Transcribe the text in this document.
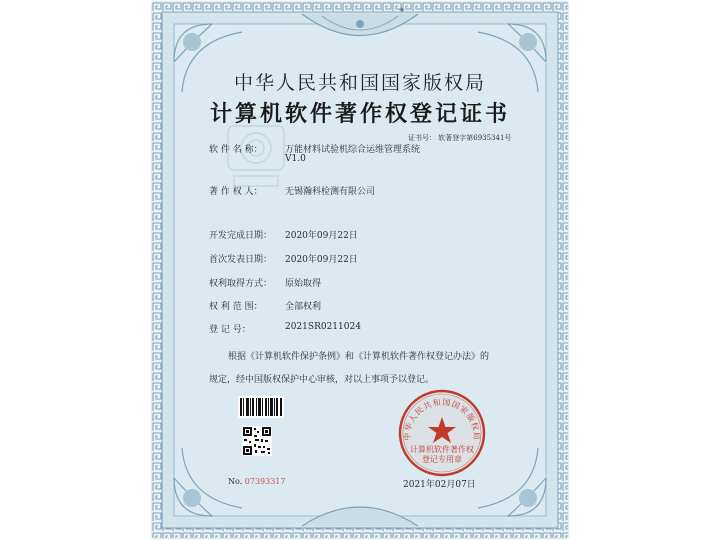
✦
中华人民共和国国家版权局
计算机软件著作权登记证书
证书号： 软著登字第6935341号
软 件 名 称： 万能材料试验机综合运维管理系统
V1.0
著 作 权 人： 无锡瀚科检测有限公司
开发完成日期： 2020年09月22日
首次发表日期： 2020年09月22日
权利取得方式： 原始取得
权 利 范 围： 全部权利
登 记 号：	2021SR0211024
根据《计算机软件保护条例》和《计算机软件著作权登记办法》的
规定，经中国版权保护中心审核，对以上事项予以登记。
No. 07393317
中华人民共和国国家版权局
计算机软件著作权
登记专用章
2021年02月07日
